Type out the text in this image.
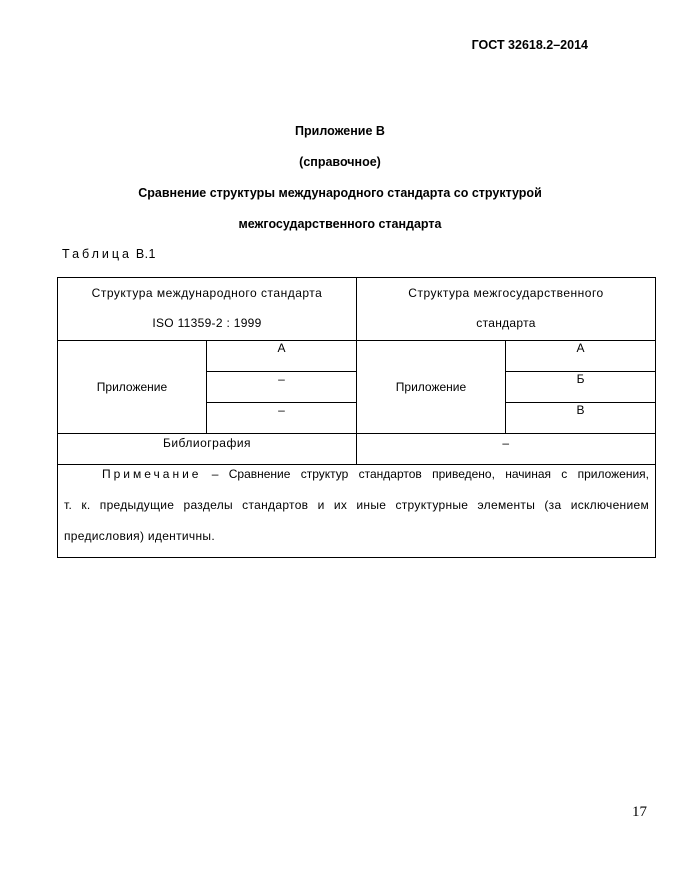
ГОСТ 32618.2–2014
Приложение В
(справочное)
Сравнение структуры международного стандарта со структурой
межгосударственного стандарта
Таблица В.1
Структура международного стандарта
ISO 11359-2 : 1999		Структура межгосударственного
стандарта	

Приложение	А	Приложение	А
	–		Б
	–		В
Библиография		–	

Примечание – Сравнение структур стандартов приведено, начиная с приложения,
т. к. предыдущие разделы стандартов и их иные структурные элементы (за исключением
предисловия) идентичны.			
17
